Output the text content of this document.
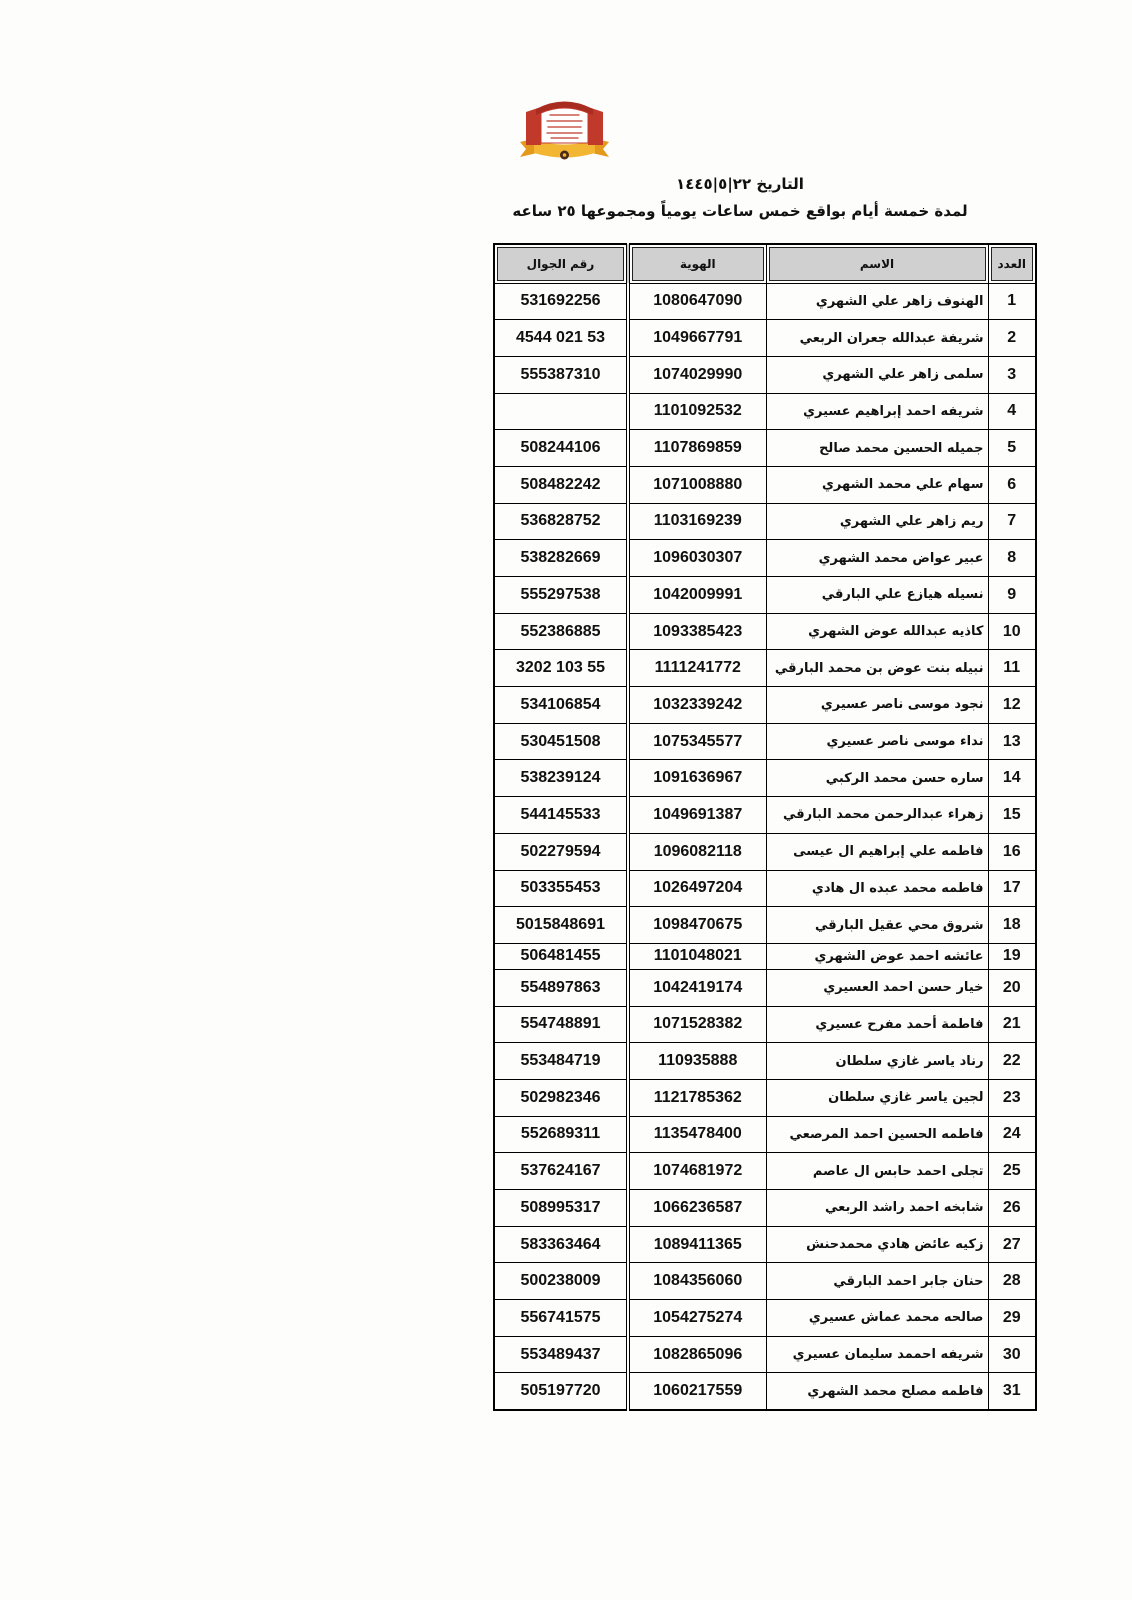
التاريخ ٢٢|٥|١٤٤٥
لمدة خمسة أيام بواقع خمس ساعات يومياً ومجموعها ٢٥ ساعه
العدد	الاسم	الهوية	رقم الجوال
1	الهنوف زاهر علي الشهري	1080647090	531692256
2	شريفة عبدالله جعران الربعي	1049667791	53 021 4544
3	سلمى زاهر علي الشهري	1074029990	555387310
4	شريفه احمد إبراهيم عسيري	1101092532	
5	جميله الحسين محمد صالح	1107869859	508244106
6	سهام علي محمد الشهري	1071008880	508482242
7	ريم زاهر علي الشهري	1103169239	536828752
8	عبير عواض محمد الشهري	1096030307	538282669
9	نسيله هيازع علي البارقي	1042009991	555297538
10	كاذيه عبدالله عوض الشهري	1093385423	552386885
11	نبيله بنت عوض بن محمد البارقي	1111241772	55 103 3202
12	نجود موسى ناصر عسيري	1032339242	534106854
13	نداء موسى ناصر عسيري	1075345577	530451508
14	ساره حسن محمد الركبي	1091636967	538239124
15	زهراء عبدالرحمن محمد البارقي	1049691387	544145533
16	فاطمه علي إبراهيم ال عيسى	1096082118	502279594
17	فاطمه محمد عبده ال هادي	1026497204	503355453
18	شروق محي عقيل البارقي	1098470675	5015848691
19	عائشه احمد عوض الشهري	1101048021	506481455
20	خيار حسن احمد العسيري	1042419174	554897863
21	فاطمة أحمد مفرح عسيري	1071528382	554748891
22	رناد ياسر غازي سلطان	110935888	553484719
23	لجين ياسر غازي سلطان	1121785362	502982346
24	فاطمه الحسين احمد المرصعي	1135478400	552689311
25	تجلى احمد حابس ال عاصم	1074681972	537624167
26	شابخه احمد راشد الربعي	1066236587	508995317
27	زكيه عائض هادي محمدحنش	1089411365	583363464
28	حنان جابر احمد البارقي	1084356060	500238009
29	صالحه محمد عماش عسيري	1054275274	556741575
30	شريفه احممد سليمان عسيري	1082865096	553489437
31	فاطمه مصلح محمد الشهري	1060217559	505197720
